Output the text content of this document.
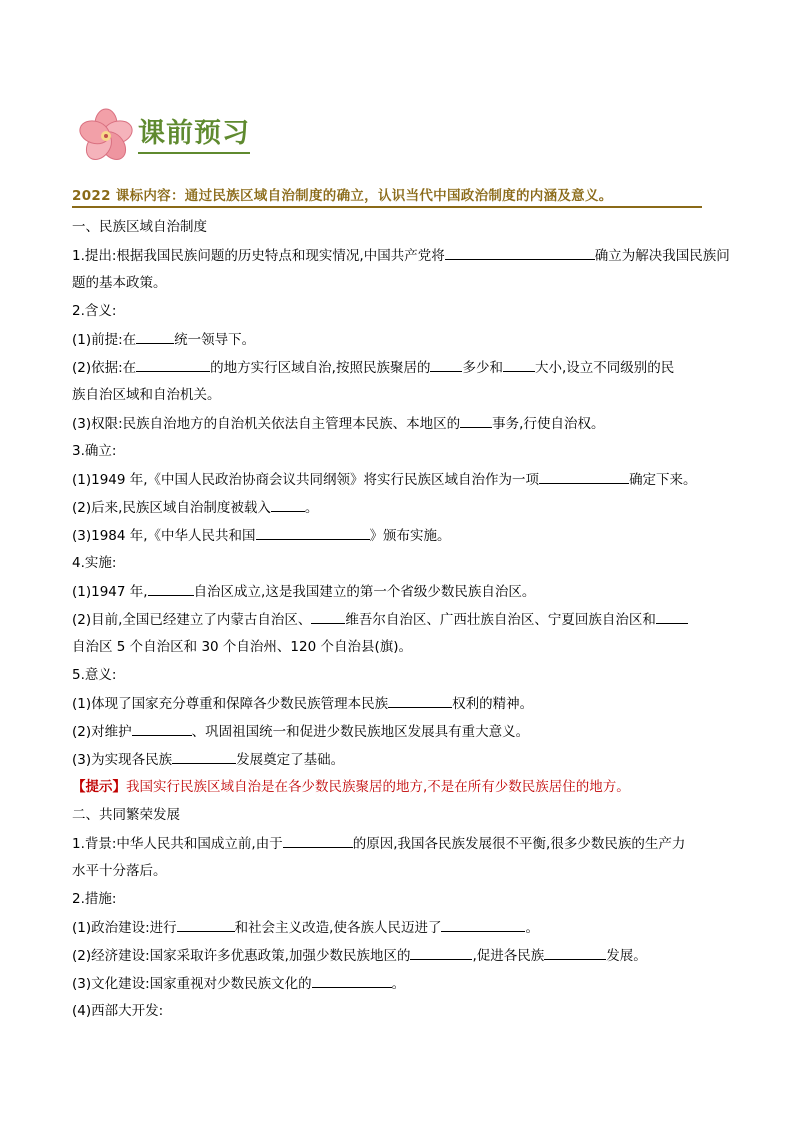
课前预习
2022 课标内容：通过民族区域自治制度的确立，认识当代中国政治制度的内涵及意义。
一、民族区域自治制度
1.提出:根据我国民族问题的历史特点和现实情况,中国共产党将	确立为解决我国民族问
题的基本政策。
2.含义:
(1)前提:在	统一领导下。
(2)依据:在	的地方实行区域自治,按照民族聚居的 多少和 大小,设立不同级别的民
族自治区域和自治机关。
(3)权限:民族自治地方的自治机关依法自主管理本民族、本地区的 事务,行使自治权。
3.确立:
(1)1949 年,《中国人民政治协商会议共同纲领》将实行民族区域自治作为一项	确定下来。
(2)后来,民族区域自治制度被载入	。
(3)1984 年,《中华人民共和国	》颁布实施。
4.实施:
(1)1947 年,	自治区成立,这是我国建立的第一个省级少数民族自治区。
(2)目前,全国已经建立了内蒙古自治区、	维吾尔自治区、广西壮族自治区、宁夏回族自治区和
自治区 5 个自治区和 30 个自治州、120 个自治县(旗)。
5.意义:
(1)体现了国家充分尊重和保障各少数民族管理本民族	权利的精神。
(2)对维护	、巩固祖国统一和促进少数民族地区发展具有重大意义。
(3)为实现各民族	发展奠定了基础。
【提示】我国实行民族区域自治是在各少数民族聚居的地方,不是在所有少数民族居住的地方。
二、共同繁荣发展
1.背景:中华人民共和国成立前,由于	的原因,我国各民族发展很不平衡,很多少数民族的生产力
水平十分落后。
2.措施:
(1)政治建设:进行	和社会主义改造,使各族人民迈进了	。
(2)经济建设:国家采取许多优惠政策,加强少数民族地区的	,促进各民族	发展。
(3)文化建设:国家重视对少数民族文化的	。
(4)西部大开发:
